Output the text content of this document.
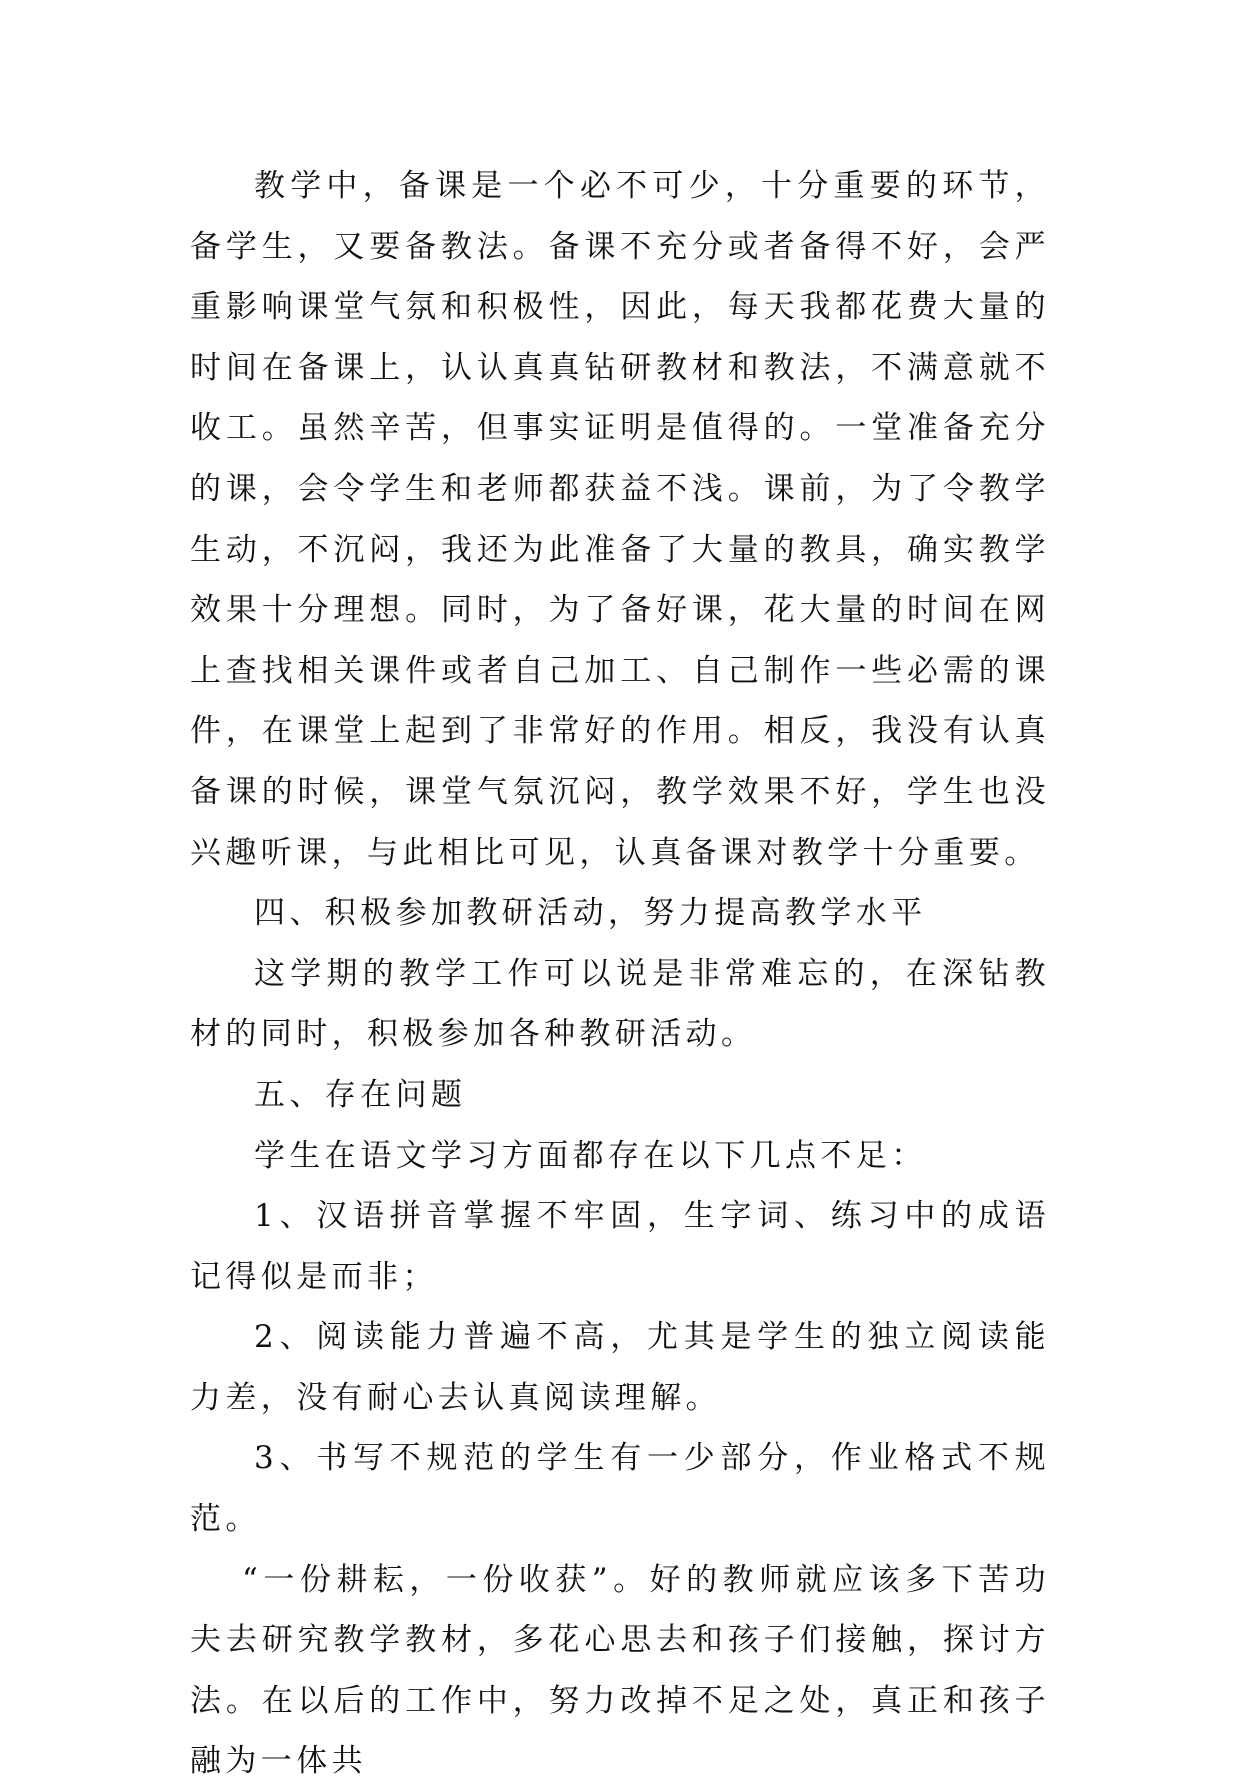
教学中，备课是一个必不可少，十分重要的环节，备学生，又要备教法。备课不充分或者备得不好，会严重影响课堂气氛和积极性，因此，每天我都花费大量的时间在备课上，认认真真钻研教材和教法，不满意就不收工。虽然辛苦，但事实证明是值得的。一堂准备充分的课，会令学生和老师都获益不浅。课前，为了令教学生动，不沉闷，我还为此准备了大量的教具，确实教学效果十分理想。同时，为了备好课，花大量的时间在网上查找相关课件或者自己加工、自己制作一些必需的课件，在课堂上起到了非常好的作用。相反，我没有认真备课的时候，课堂气氛沉闷，教学效果不好，学生也没兴趣听课，与此相比可见，认真备课对教学十分重要。

四、积极参加教研活动，努力提高教学水平

这学期的教学工作可以说是非常难忘的，在深钻教材的同时，积极参加各种教研活动。

五、存在问题

学生在语文学习方面都存在以下几点不足：

1、汉语拼音掌握不牢固，生字词、练习中的成语记得似是而非；

2、阅读能力普遍不高，尤其是学生的独立阅读能力差，没有耐心去认真阅读理解。

3、书写不规范的学生有一少部分，作业格式不规范。

“一份耕耘，一份收获”。好的教师就应该多下苦功夫去研究教学教材，多花心思去和孩子们接触，探讨方法。在以后的工作中，努力改掉不足之处，真正和孩子融为一体共
